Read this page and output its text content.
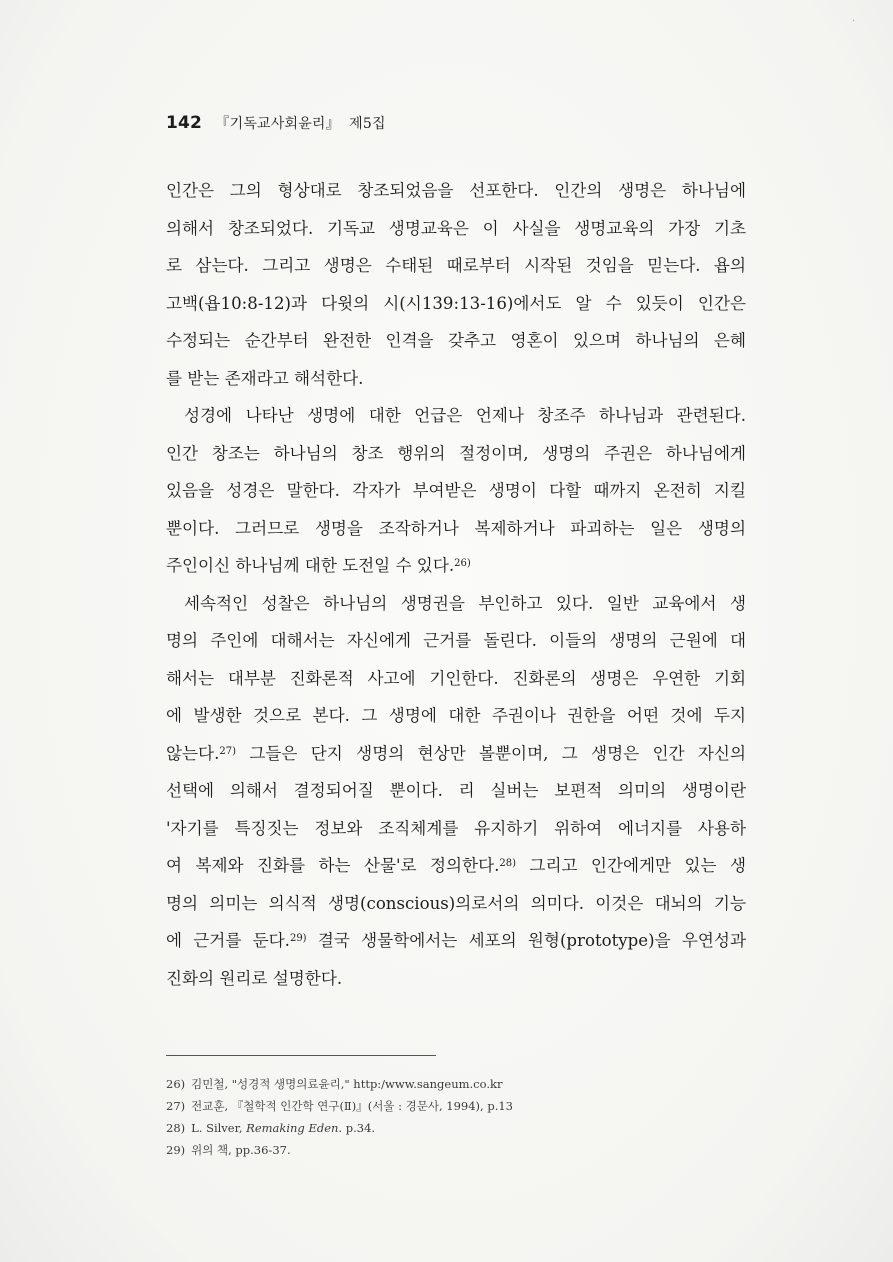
·
142 『기독교사회윤리』 제5집
인간은 그의 형상대로 창조되었음을 선포한다. 인간의 생명은 하나님에
의해서 창조되었다. 기독교 생명교육은 이 사실을 생명교육의 가장 기초
로 삼는다. 그리고 생명은 수태된 때로부터 시작된 것임을 믿는다. 욥의
고백(욥10:8-12)과 다윗의 시(시139:13-16)에서도 알 수 있듯이 인간은
수정되는 순간부터 완전한 인격을 갖추고 영혼이 있으며 하나님의 은혜
를 받는 존재라고 해석한다.
성경에 나타난 생명에 대한 언급은 언제나 창조주 하나님과 관련된다.
인간 창조는 하나님의 창조 행위의 절정이며, 생명의 주권은 하나님에게
있음을 성경은 말한다. 각자가 부여받은 생명이 다할 때까지 온전히 지킬
뿐이다. 그러므로 생명을 조작하거나 복제하거나 파괴하는 일은 생명의
주인이신 하나님께 대한 도전일 수 있다.$^{26)}$
세속적인 성찰은 하나님의 생명권을 부인하고 있다. 일반 교육에서 생
명의 주인에 대해서는 자신에게 근거를 돌린다. 이들의 생명의 근원에 대
해서는 대부분 진화론적 사고에 기인한다. 진화론의 생명은 우연한 기회
에 발생한 것으로 본다. 그 생명에 대한 주권이나 권한을 어떤 것에 두지
않는다.$^{27)}$ 그들은 단지 생명의 현상만 볼뿐이며, 그 생명은 인간 자신의
선택에 의해서 결정되어질 뿐이다. 리 실버는 보편적 의미의 생명이란
'자기를 특징짓는 정보와 조직체계를 유지하기 위하여 에너지를 사용하
여 복제와 진화를 하는 산물'로 정의한다.$^{28)}$ 그리고 인간에게만 있는 생
명의 의미는 의식적 생명(conscious)의로서의 의미다. 이것은 대뇌의 기능
에 근거를 둔다.$^{29)}$ 결국 생물학에서는 세포의 원형(prototype)을 우연성과
진화의 원리로 설명한다.
26) 김민철, "성경적 생명의료윤리," http:/www.sangeum.co.kr
27) 전교훈, 『철학적 인간학 연구(Ⅱ)』(서울 : 경문사, 1994), p.13
28) L. Silver, Remaking Eden. p.34.
29) 위의 책, pp.36-37.
